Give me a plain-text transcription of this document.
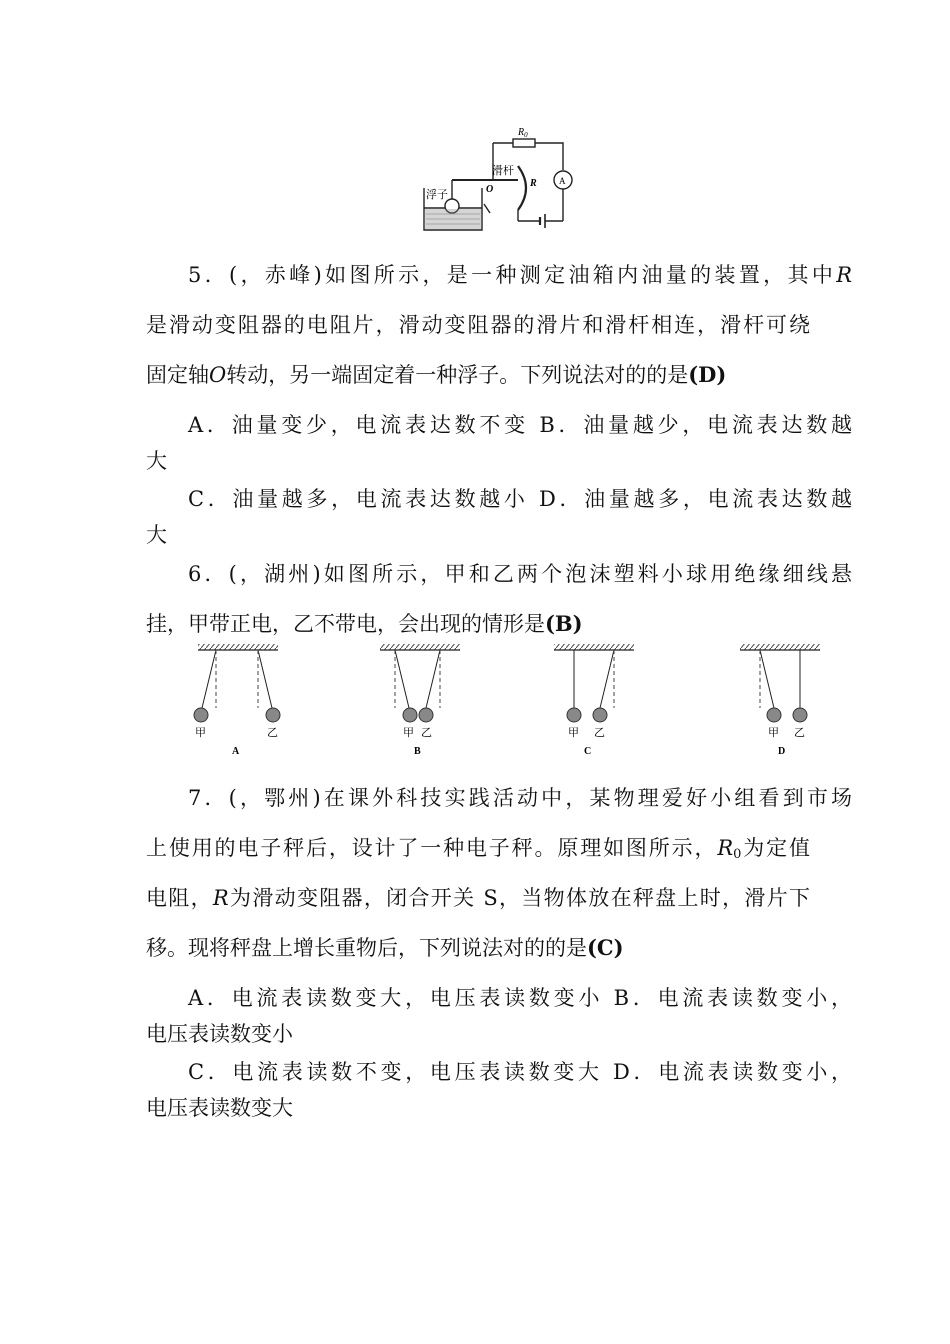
$R_0$
滑杆
R
O
浮子
A
5．(，赤峰)如图所示，是一种测定油箱内油量的装置，其中R
是滑动变阻器的电阻片，滑动变阻器的滑片和滑杆相连，滑杆可绕
固定轴O转动，另一端固定着一种浮子。下列说法对的的是(D)
A．油量变少，电流表达数不变 B．油量越少，电流表达数越
大
C．油量越多，电流表达数越小 D．油量越多，电流表达数越
大
6．(，湖州)如图所示，甲和乙两个泡沫塑料小球用绝缘细线悬
挂，甲带正电，乙不带电，会出现的情形是(B)
甲	乙
A
甲 乙
B
甲 乙
C
甲 乙
D
7．(，鄂州)在课外科技实践活动中，某物理爱好小组看到市场
上使用的电子秤后，设计了一种电子秤。原理如图所示，$R_0$为定值
电阻，R为滑动变阻器，闭合开关 S，当物体放在秤盘上时，滑片下
移。现将秤盘上增长重物后，下列说法对的的是(C)
A．电流表读数变大，电压表读数变小 B．电流表读数变小，
电压表读数变小
C．电流表读数不变，电压表读数变大 D．电流表读数变小，
电压表读数变大
